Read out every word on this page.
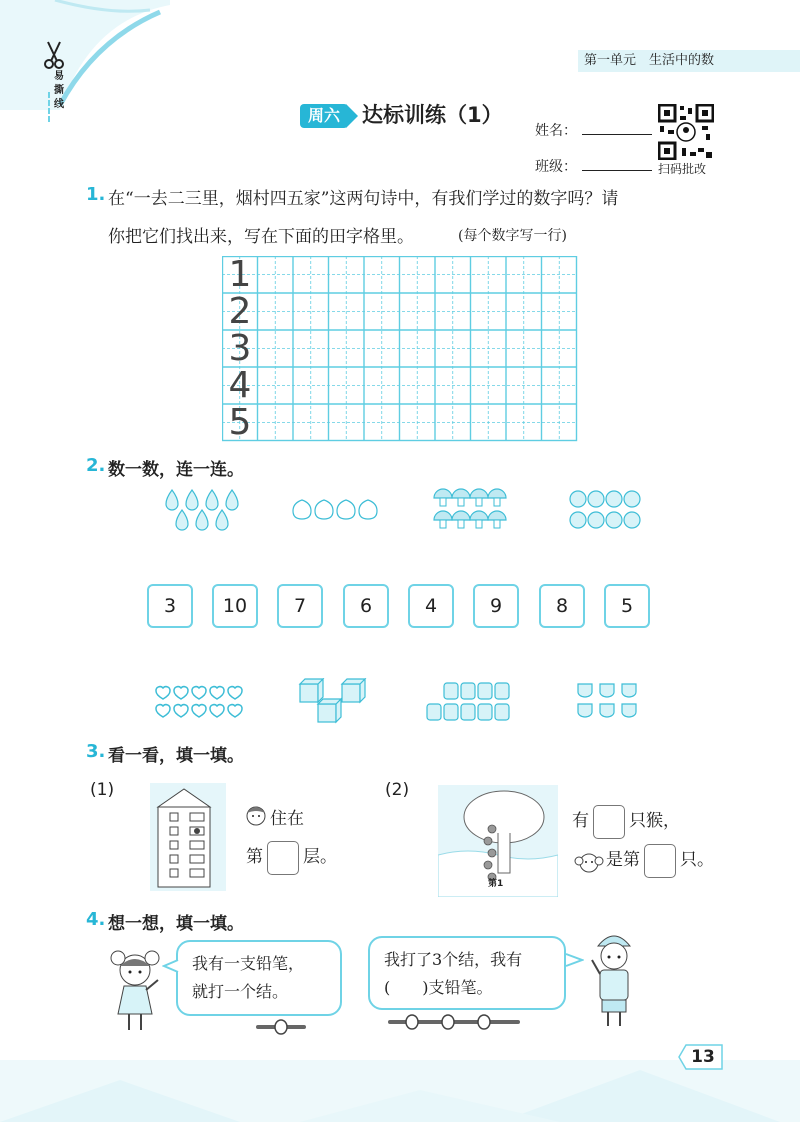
易撕线
第一单元　生活中的数
周六	达标训练（1）
姓名：
班级：	扫码批改
1. 在“一去二三里，烟村四五家”这两句诗中，有我们学过的数字吗？请
你把它们找出来，写在下面的田字格里。	(每个数字写一行)
1
2
3
4
5
2. 数一数，连一连。
3	10	7	6	4	9	8	5
3. 看一看，填一填。
(1)
住在
第 层。
(2)
第1
有 只猴，
是第 只。
4. 想一想，填一填。
我有一支铅笔，
就打一个结。
我打了3个结，我有
(　　)支铅笔。
13
